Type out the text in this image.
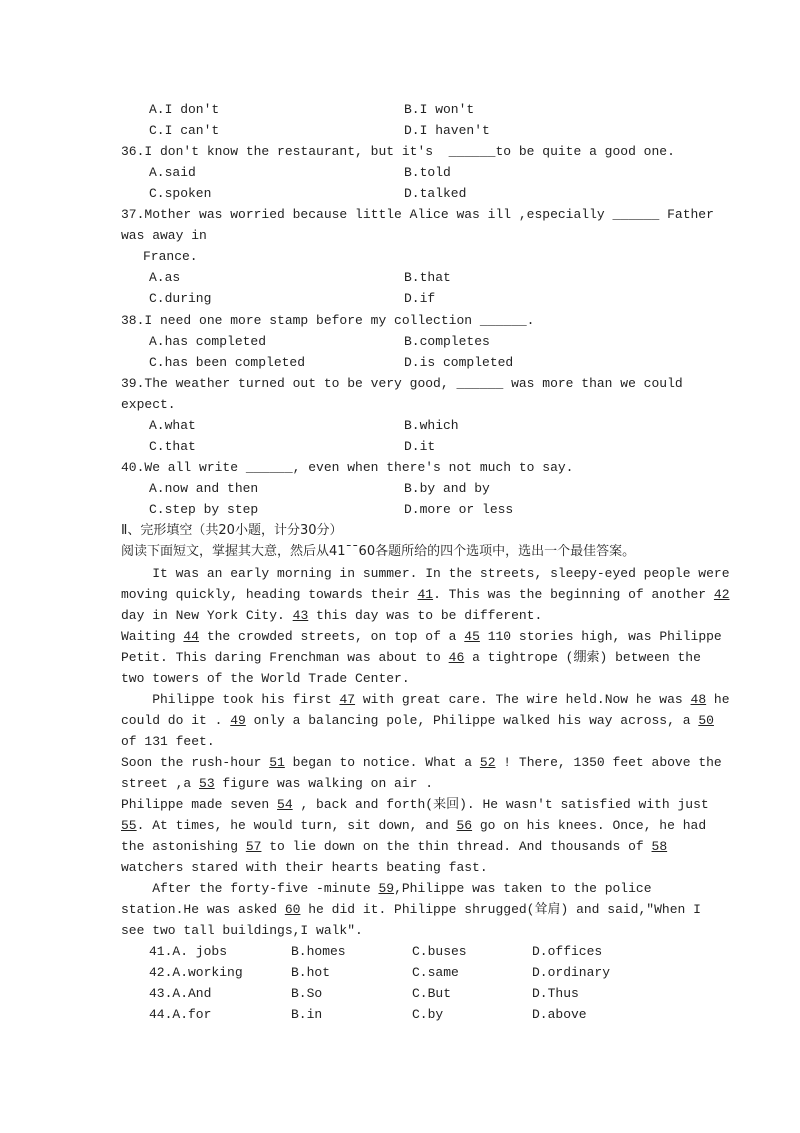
A.I don't	B.I won't
C.I can't	D.I haven't
36.I don't know the restaurant, but it's  ______to be quite a good one.
A.said	B.told
C.spoken	D.talked
37.Mother was worried because little Alice was ill ,especially ______ Father
was away in
France.
A.as	B.that
C.during	D.if
38.I need one more stamp before my collection ______.
A.has completed	B.completes
C.has been completed	D.is completed
39.The weather turned out to be very good, ______ was more than we could
expect.
A.what	B.which
C.that	D.it
40.We all write ______, even when there's not much to say.
A.now and then	B.by and by
C.step by step	D.more or less
Ⅱ、完形填空（共20小题，计分30分）
阅读下面短文，掌握其大意，然后从41¯¯60各题所给的四个选项中，选出一个最佳答案。
It was an early morning in summer. In the streets, sleepy-eyed people were
moving quickly, heading towards their 41. This was the beginning of another 42
day in New York City. 43 this day was to be different.
Waiting 44 the crowded streets, on top of a 45 110 stories high, was Philippe
Petit. This daring Frenchman was about to 46 a tightrope (绷索) between the
two towers of the World Trade Center.
Philippe took his first 47 with great care. The wire held.Now he was 48 he
could do it . 49 only a balancing pole, Philippe walked his way across, a 50
of 131 feet.
Soon the rush-hour 51 began to notice. What a 52 ! There, 1350 feet above the
street ,a 53 figure was walking on air .
Philippe made seven 54 , back and forth(来回). He wasn't satisfied with just
55. At times, he would turn, sit down, and 56 go on his knees. Once, he had
the astonishing 57 to lie down on the thin thread. And thousands of 58
watchers stared with their hearts beating fast.
After the forty-five -minute 59,Philippe was taken to the police
station.He was asked 60 he did it. Philippe shrugged(耸肩) and said,"When I
see two tall buildings,I walk".
41.A. jobs	B.homes	C.buses	D.offices
42.A.working	B.hot	C.same	D.ordinary
43.A.And	B.So	C.But	D.Thus
44.A.for	B.in	C.by	D.above
